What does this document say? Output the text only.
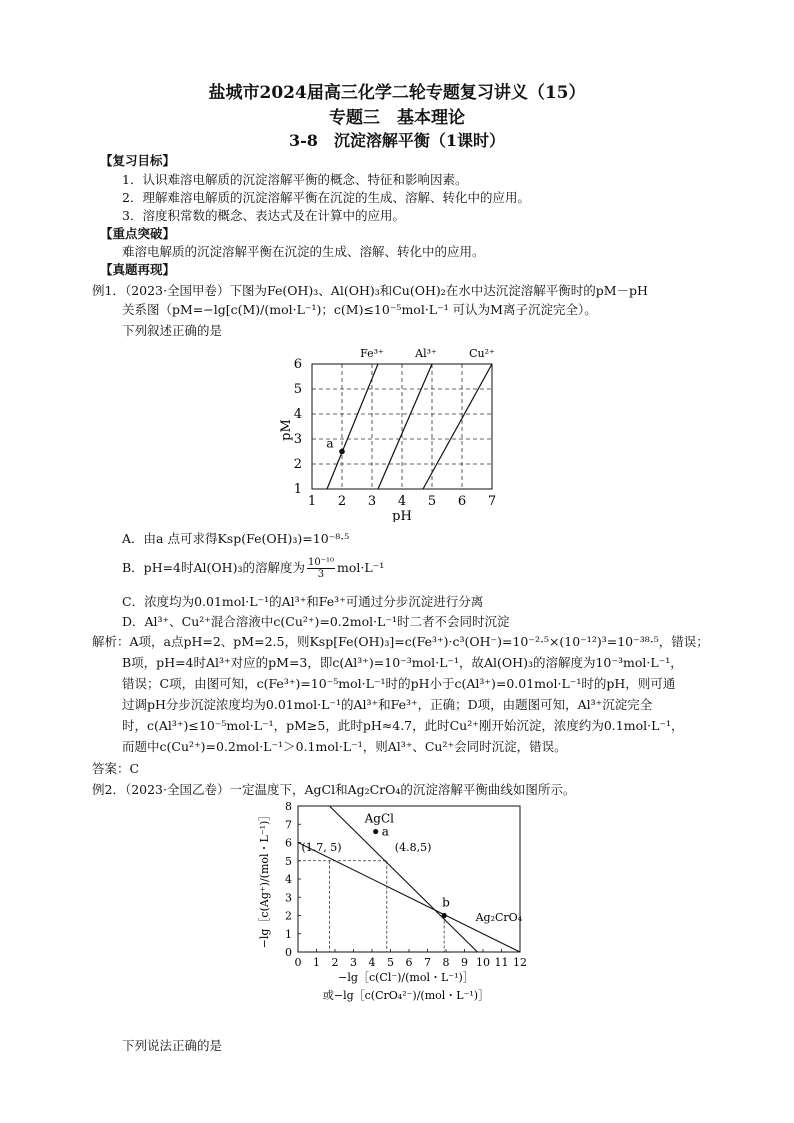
盐城市2024届高三化学二轮专题复习讲义（15）
专题三　基本理论
3-8　沉淀溶解平衡（1课时）
【复习目标】
1．认识难溶电解质的沉淀溶解平衡的概念、特征和影响因素。
2．理解难溶电解质的沉淀溶解平衡在沉淀的生成、溶解、转化中的应用。
3．溶度积常数的概念、表达式及在计算中的应用。
【重点突破】
难溶电解质的沉淀溶解平衡在沉淀的生成、溶解、转化中的应用。
【真题再现】
例1．（2023·全国甲卷）下图为Fe(OH)₃、Al(OH)₃和Cu(OH)₂在水中达沉淀溶解平衡时的pM－pH
关系图（pM=−lg[c(M)/(mol·L⁻¹)；c(M)≤10⁻⁵mol·L⁻¹ 可认为M离子沉淀完全）。
下列叙述正确的是
Fe³⁺	Al³⁺	Cu²⁺
a
1 2 3 4 5 6 7
1
2
3
4
5
6
pH
pM
A．由a 点可求得Ksp(Fe(OH)₃)=10⁻⁸·⁵
B．pH=4时Al(OH)₃的溶解度为 $\frac{\text{10⁻¹⁰}}{3} mol\cdot L^{-1}$
C．浓度均为0.01mol·L⁻¹的Al³⁺和Fe³⁺可通过分步沉淀进行分离
D．Al³⁺、Cu²⁺混合溶液中c(Cu²⁺)=0.2mol·L⁻¹时二者不会同时沉淀
解析：A项，a点pH=2、pM=2.5，则Ksp[Fe(OH)₃]=c(Fe³⁺)·c³(OH⁻)=10⁻²·⁵×(10⁻¹²)³=10⁻³⁸·⁵，错误；
B项，pH=4时Al³⁺对应的pM=3，即c(Al³⁺)=10⁻³mol·L⁻¹，故Al(OH)₃的溶解度为10⁻³mol·L⁻¹，
错误；C项，由图可知，c(Fe³⁺)=10⁻⁵mol·L⁻¹时的pH小于c(Al³⁺)=0.01mol·L⁻¹时的pH，则可通
过调pH分步沉淀浓度均为0.01mol·L⁻¹的Al³⁺和Fe³⁺，正确；D项，由题图可知，Al³⁺沉淀完全
时，c(Al³⁺)≤10⁻⁵mol·L⁻¹，pM≥5，此时pH≈4.7，此时Cu²⁺刚开始沉淀，浓度约为0.1mol·L⁻¹，
而题中c(Cu²⁺)=0.2mol·L⁻¹＞0.1mol·L⁻¹，则Al³⁺、Cu²⁺会同时沉淀，错误。
答案：C
例2．（2023·全国乙卷）一定温度下，AgCl和Ag₂CrO₄的沉淀溶解平衡曲线如图所示。
AgCl
Ag₂CrO₄
(1.7, 5)	(4.8,5)
a
b
0 1 2 3 4 5 6 7 8 9 10 11 12
0
1
2
3
4
5
6
7
8
−lg［c(Cl⁻)/(mol・L⁻¹)］
或−lg［c(CrO₄²⁻)/(mol・L⁻¹)］
−lg［c(Ag⁺)/(mol・L⁻¹)］
下列说法正确的是
